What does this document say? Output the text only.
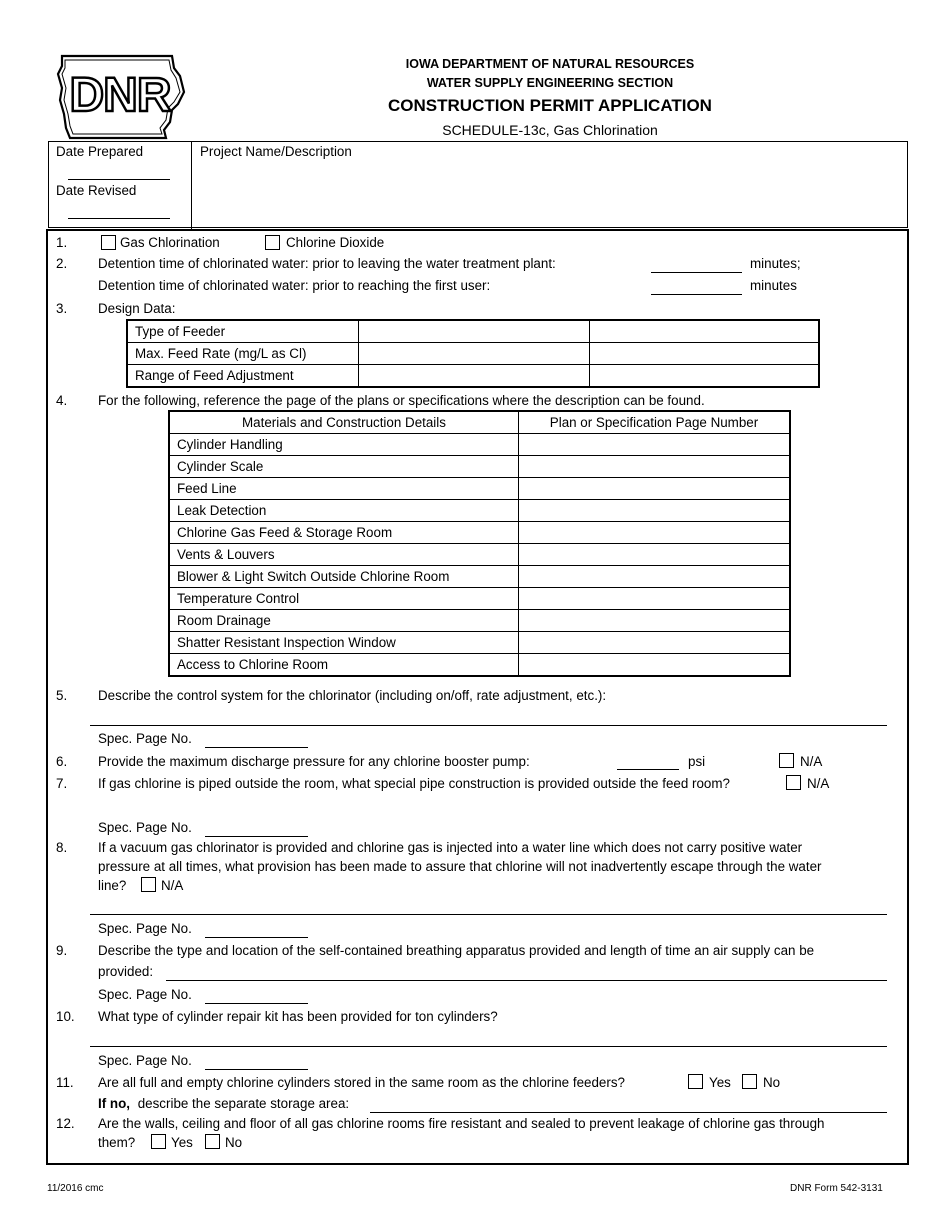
DNR
IOWA DEPARTMENT OF NATURAL RESOURCES
WATER SUPPLY ENGINEERING SECTION
CONSTRUCTION PERMIT APPLICATION
SCHEDULE-13c, Gas Chlorination
Date Prepared
Date Revised
Project Name/Description
1.	Gas Chlorination	Chlorine Dioxide
2. Detention time of chlorinated water: prior to leaving the water treatment plant:	minutes;
Detention time of chlorinated water: prior to reaching the first user:	minutes
3. Design Data:
Type of Feeder		
Max. Feed Rate (mg/L as Cl)		
Range of Feed Adjustment		
4. For the following, reference the page of the plans or specifications where the description can be found.
Materials and Construction Details	Plan or Specification Page Number
Cylinder Handling	
Cylinder Scale	
Feed Line	
Leak Detection	
Chlorine Gas Feed & Storage Room	
Vents & Louvers	
Blower & Light Switch Outside Chlorine Room	
Temperature Control	
Room Drainage	
Shatter Resistant Inspection Window	
Access to Chlorine Room	
5. Describe the control system for the chlorinator (including on/off, rate adjustment, etc.):
Spec. Page No.
6. Provide the maximum discharge pressure for any chlorine booster pump:	psi	N/A
7. If gas chlorine is piped outside the room, what special pipe construction is provided outside the feed room?	N/A
Spec. Page No.
8. If a vacuum gas chlorinator is provided and chlorine gas is injected into a water line which does not carry positive water
pressure at all times, what provision has been made to assure that chlorine will not inadvertently escape through the water
line?	N/A
Spec. Page No.
9. Describe the type and location of the self-contained breathing apparatus provided and length of time an air supply can be
provided:
Spec. Page No.
10. What type of cylinder repair kit has been provided for ton cylinders?
Spec. Page No.
11. Are all full and empty chlorine cylinders stored in the same room as the chlorine feeders?	Yes No
If no, describe the separate storage area:
12. Are the walls, ceiling and floor of all gas chlorine rooms fire resistant and sealed to prevent leakage of chlorine gas through
them?	Yes No
11/2016 cmc	DNR Form 542-3131
